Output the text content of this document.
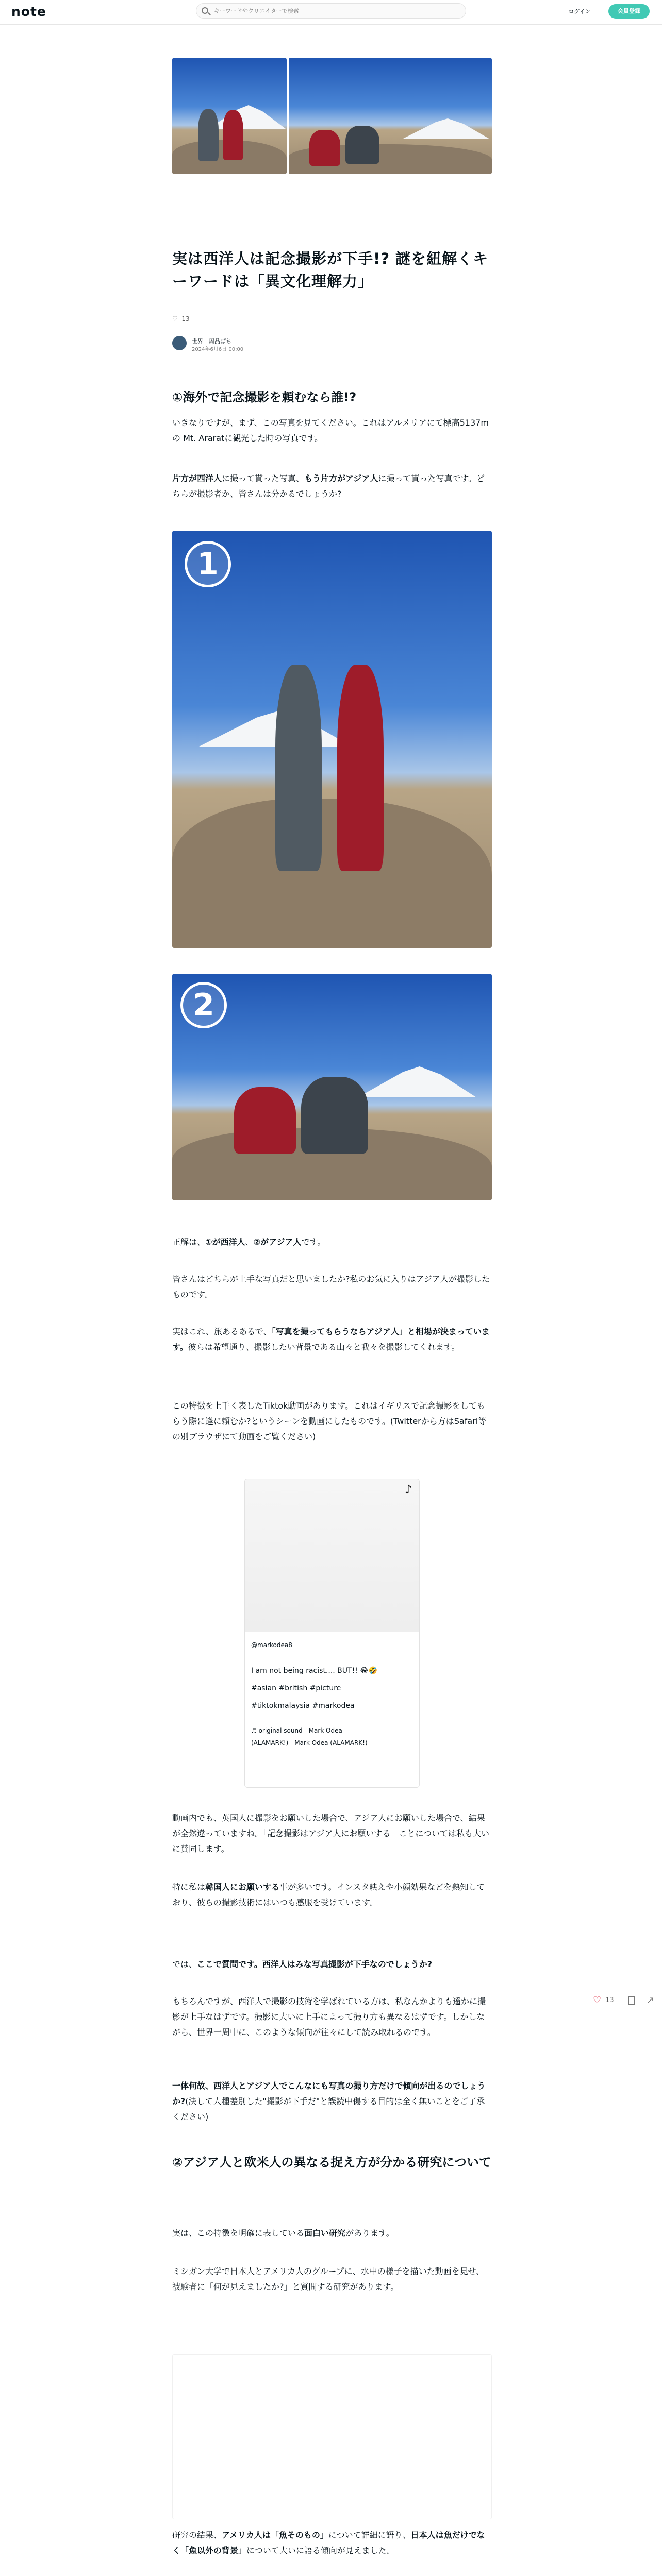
note
キーワードやクリエイターで検索	ログイン	会員登録
実は西洋人は記念撮影が下手!? 謎を紐解くキーワードは「異文化理解力」
♡ 13
世界一周品ぼち
2024年6月6日 00:00
①海外で記念撮影を頼むなら誰!?

いきなりですが、まず、この写真を見てください。これはアルメリアにて標高5137mの Mt. Araratに観光した時の写真です。

片方が西洋人に撮って貰った写真、もう片方がアジア人に撮って貰った写真です。どちらが撮影者か、皆さんは分かるでしょうか?

1
2

正解は、①が西洋人、②がアジア人です。

皆さんはどちらが上手な写真だと思いましたか?私のお気に入りはアジア人が撮影したものです。

実はこれ、旅あるあるで、「写真を撮ってもらうならアジア人」と相場が決まっています。彼らは希望通り、撮影したい背景である山々と我々を撮影してくれます。

この特徴を上手く表したTiktok動画があります。これはイギリスで記念撮影をしてもらう際に逢に頼むか?というシーンを動画にしたものです。(Twitterから方はSafari等の別ブラウザにて動画をご覧ください)

♪
@markodea8
I am not being racist.... BUT!! 😂🤣
#asian #british #picture
#tiktokmalaysia #markodea
♬ original sound - Mark Odea
(ALAMARK!) - Mark Odea (ALAMARK!)

動画内でも、英国人に撮影をお願いした場合で、アジア人にお願いした場合で、結果が全然違っていますね。「記念撮影はアジア人にお願いする」ことについては私も大いに賛同します。

特に私は韓国人にお願いする事が多いです。インスタ映えや小顔効果などを熟知しており、彼らの撮影技術にはいつも感服を受けています。

では、ここで質問です。西洋人はみな写真撮影が下手なのでしょうか?

もちろんですが、西洋人で撮影の技術を学ばれている方は、私なんかよりも遥かに撮影が上手なはずです。撮影に大いに上手によって撮り方も異なるはずです。しかしながら、世界一周中に、このような傾向が往々にして読み取れるのです。

一体何故、西洋人とアジア人でこんなにも写真の撮り方だけで傾向が出るのでしょうか?(決して人種差別した"撮影が下手だ"と誤読中傷する目的は全く無いことをご了承ください)

♡ 13	↗
②アジア人と欧米人の異なる捉え方が分かる研究について

実は、この特徴を明確に表している面白い研究があります。

ミシガン大学で日本人とアメリカ人のグループに、水中の様子を描いた動画を見せ、被験者に「何が見えましたか?」と質問する研究があります。

研究の結果、アメリカ人は「魚そのもの」について詳細に語り、日本人は魚だけでなく「魚以外の背景」について大いに語る傾向が見えました。
